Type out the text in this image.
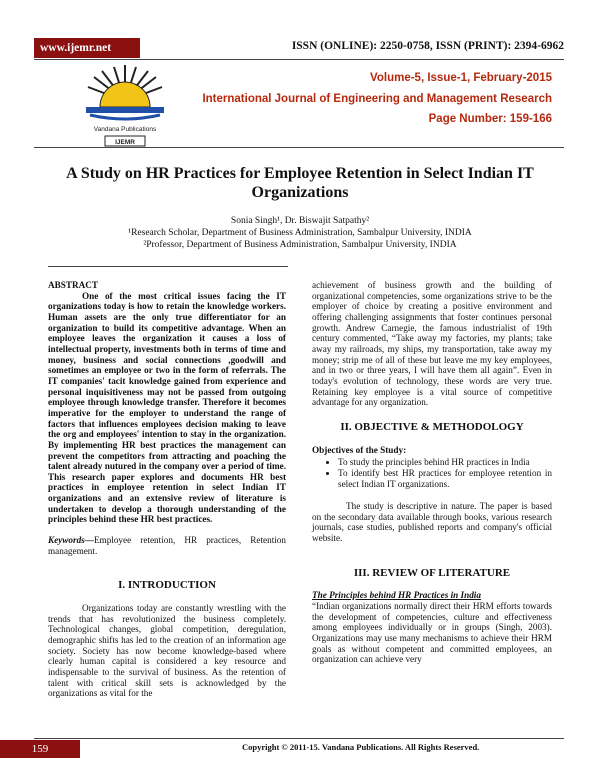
www.ijemr.net	ISSN (ONLINE): 2250-0758, ISSN (PRINT): 2394-6962
Vandana Publications
IJEMR
Volume-5, Issue-1, February-2015
International Journal of Engineering and Management Research
Page Number: 159-166
A Study on HR Practices for Employee Retention in Select Indian IT Organizations
Sonia Singh¹, Dr. Biswajit Satpathy²
¹Research Scholar, Department of Business Administration, Sambalpur University, INDIA
²Professor, Department of Business Administration, Sambalpur University, INDIA

ABSTRACT

One of the most critical issues facing the IT organizations today is how to retain the knowledge workers. Human assets are the only true differentiator for an organization to build its competitive advantage. When an employee leaves the organization it causes a loss of intellectual property, investments both in terms of time and money, business and social connections ,goodwill and sometimes an employee or two in the form of referrals. The IT companies' tacit knowledge gained from experience and personal inquisitiveness may not be passed from outgoing employee through knowledge transfer. Therefore it becomes imperative for the employer to understand the range of factors that influences employees decision making to leave the org and employees' intention to stay in the organization. By implementing HR best practices the management can prevent the competitors from attracting and poaching the talent already nutured in the company over a period of time. This research paper explores and documents HR best practices in employee retention in select Indian IT organizations and an extensive review of literature is undertaken to develop a thorough understanding of the principles behind these HR best practices.

Keywords—Employee retention, HR practices, Retention management.

I. INTRODUCTION

Organizations today are constantly wrestling with the trends that has revolutionized the business completely. Technological changes, global competition, deregulation, demographic shifts has led to the creation of an information age society. Society has now become knowledge-based where clearly human capital is considered a key resource and indispensable to the survival of business. As the retention of talent with critical skill sets is acknowledged by the organizations as vital for the

achievement of business growth and the building of organizational competencies, some organizations strive to be the employer of choice by creating a positive environment and offering challenging assignments that foster continues personal growth. Andrew Carnegie, the famous industrialist of 19th century commented, “Take away my factories, my plants; take away my railroads, my ships, my transportation, take away my money; strip me of all of these but leave me my key employees, and in two or three years, I will have them all again”. Even in today's evolution of technology, these words are very true. Retaining key employee is a vital source of competitive advantage for any organization.

II. OBJECTIVE & METHODOLOGY

Objectives of the Study:

• To study the principles behind HR practices in India
• To identify best HR practices for employee retention in select Indian IT organizations.

The study is descriptive in nature. The paper is based on the secondary data available through books, various research journals, case studies, published reports and company's official website.

III. REVIEW OF LITERATURE

The Principles behind HR Practices in India

“Indian organizations normally direct their HRM efforts towards the development of competencies, culture and effectiveness among employees individually or in groups (Singh, 2003). Organizations may use many mechanisms to achieve their HRM goals as without competent and committed employees, an organization can achieve very

159	Copyright © 2011-15. Vandana Publications. All Rights Reserved.
